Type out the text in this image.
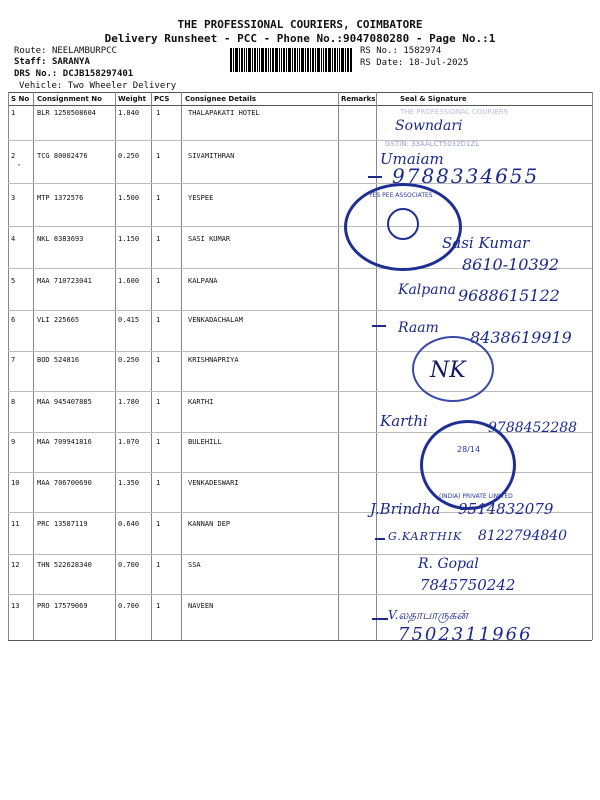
THE PROFESSIONAL COURIERS, COIMBATORE
Delivery Runsheet - PCC - Phone No.:9047080280 - Page No.:1
Route: NEELAMBURPCC
Staff: SARANYA
DRS No.: DCJB158297401
Vehicle: Two Wheeler Delivery
RS No.: 1582974
RS Date: 18-Jul-2025
S No Consignment No Weight PCS Consignee Details	Remarks	Seal & Signature
1	BLR 1250508604	1.840 1	THALAPAKATI HOTEL
2	TCG 80002476	0.250 1	SIVAMITHRAN
3	MTP 1372576	1.500 1	YESPEE
4	NKL 8383693	1.150 1	SASI KUMAR
5	MAA 710723041	1.600 1	KALPANA
6	VLI 225665	0.415 1	VENKADACHALAM
7	BOD 524816	0.250 1	KRISHNAPRIYA
8	MAA 945407885	1.780 1	KARTHI
9	MAA 709941816	1.070 1	BULEHILL
10	MAA 706700690	1.350 1	VENKADESWARI
11	PRC 13587119	0.640 1	KANNAN DEP
12	THN 522628340	0.700 1	SSA
13	PRO 17579069	0.700 1	NAVEEN
·
THE PROFESSIONAL COURIERS
Sowndari
GSTIN: 33AALCT5032D1ZL
Umaiam
9788334655
YES PEE ASSOCIATES
Sasi Kumar
8610-10392
Kalpana 9688615122
Raam 8438619919
NK
Karthi	9788452288
(INDIA) PRIVATE LIMITED
28/14
J.Brindha 9514832079
G.KARTHIK 8122794840
R. Gopal
7845750242
V.லதாபாருகன்
7502311966
